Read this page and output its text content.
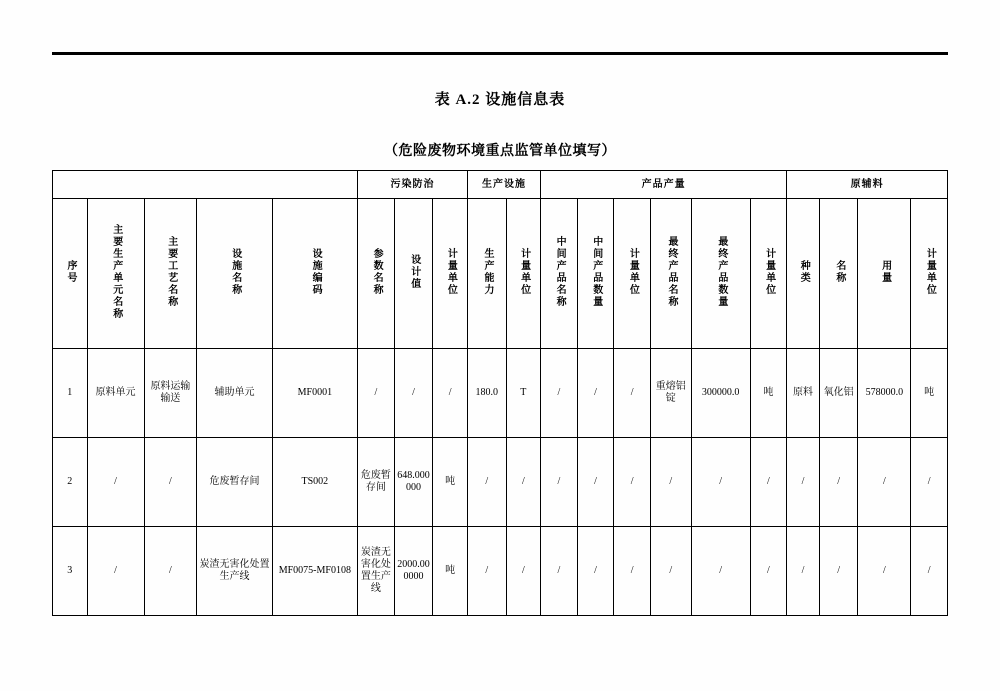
表 A.2 设施信息表
（危险废物环境重点监管单位填写）
					污染防治			生产设施		产品产量						原辅料			
序号	主要生产单元名称	主要工艺名称	设施名称	设施编码	参数名称	设计值	计量单位	生产能力	计量单位	中间产品名称	中间产品数量	计量单位	最终产品名称	最终产品数量	计量单位	种类	名称	用量	计量单位
1	原料单元	原料运输输送	辅助单元	MF0001	/	/	/	180.0	T	/	/	/	重熔铝锭	300000.0	吨	原料	氧化铝	578000.0	吨
2	/	/	危废暂存间	TS002	危废暂存间	648.000000	吨	/	/	/	/	/	/	/	/	/	/	/	/
3	/	/	炭渣无害化处置生产线	MF0075-MF0108	炭渣无害化处置生产线	2000.000000	吨	/	/	/	/	/	/	/	/	/	/	/	/
